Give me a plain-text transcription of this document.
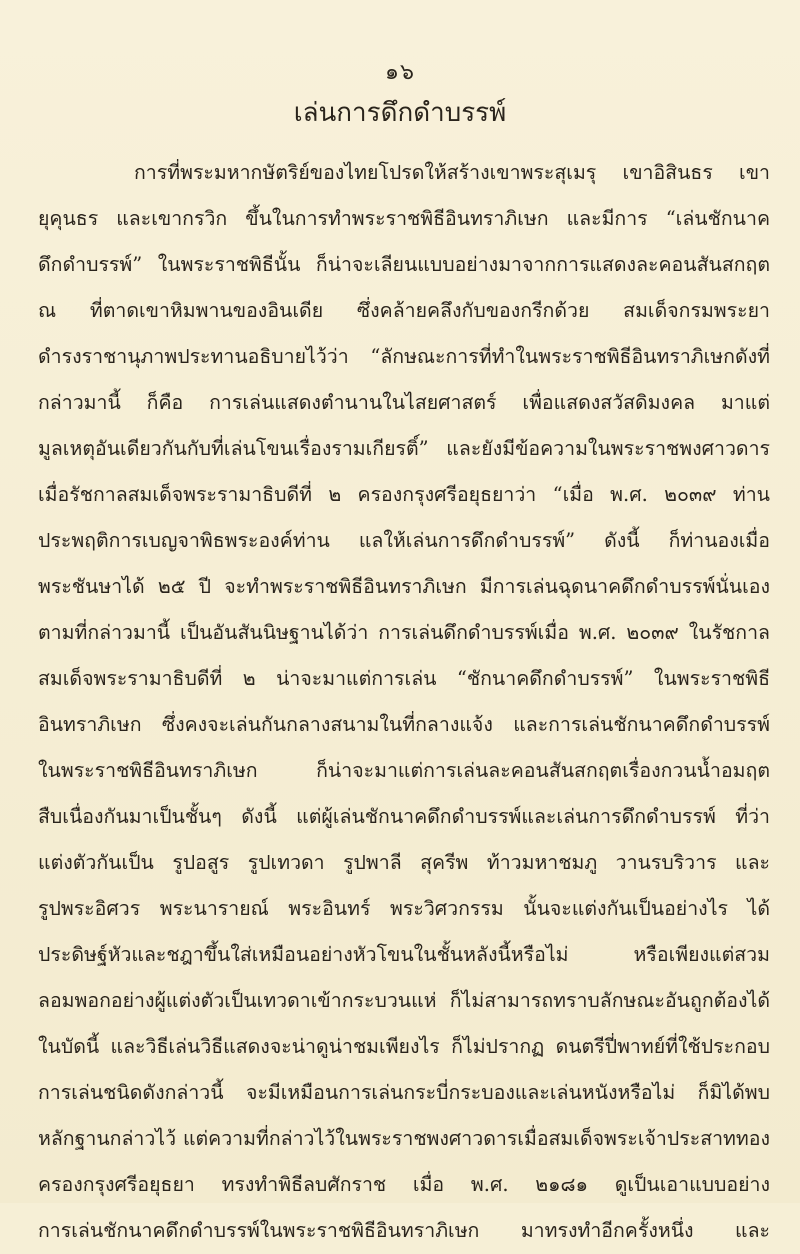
๑๖
เล่นการดึกดำบรรพ์
การที่พระมหากษัตริย์ของไทยโปรดให้สร้างเขาพระสุเมรุ เขาอิสินธร เขา
ยุคุนธร และเขากรวิก ขึ้นในการทำพระราชพิธีอินทราภิเษก และมีการ “เล่นชักนาค
ดึกดำบรรพ์” ในพระราชพิธีนั้น ก็น่าจะเลียนแบบอย่างมาจากการแสดงละคอนสันสกฤต
ณ ที่ตาดเขาหิมพานของอินเดีย ซึ่งคล้ายคลึงกับของกรีกด้วย สมเด็จกรมพระยา
ดำรงราชานุภาพประทานอธิบายไว้ว่า “ลักษณะการที่ทำในพระราชพิธีอินทราภิเษกดังที่
กล่าวมานี้ ก็คือ การเล่นแสดงตำนานในไสยศาสตร์ เพื่อแสดงสวัสดิมงคล มาแต่
มูลเหตุอันเดียวกันกับที่เล่นโขนเรื่องรามเกียรติ์” และยังมีข้อความในพระราชพงศาวดาร
เมื่อรัชกาลสมเด็จพระรามาธิบดีที่ ๒ ครองกรุงศรีอยุธยาว่า “เมื่อ พ.ศ. ๒๐๓๙ ท่าน
ประพฤติการเบญจาพิธพระองค์ท่าน แลให้เล่นการดึกดำบรรพ์” ดังนี้ ก็ท่านองเมื่อ
พระชันษาได้ ๒๕ ปี จะทำพระราชพิธีอินทราภิเษก มีการเล่นฉุดนาคดึกดำบรรพ์นั่นเอง
ตามที่กล่าวมานี้ เป็นอันสันนิษฐานได้ว่า การเล่นดึกดำบรรพ์เมื่อ พ.ศ. ๒๐๓๙ ในรัชกาล
สมเด็จพระรามาธิบดีที่ ๒ น่าจะมาแต่การเล่น “ชักนาคดึกดำบรรพ์” ในพระราชพิธี
อินทราภิเษก ซึ่งคงจะเล่นกันกลางสนามในที่กลางแจ้ง และการเล่นชักนาคดึกดำบรรพ์
ในพระราชพิธีอินทราภิเษก ก็น่าจะมาแต่การเล่นละคอนสันสกฤตเรื่องกวนน้ำอมฤต
สืบเนื่องกันมาเป็นชั้นๆ ดังนี้ แต่ผู้เล่นชักนาคดึกดำบรรพ์และเล่นการดึกดำบรรพ์ ที่ว่า
แต่งตัวกันเป็น รูปอสูร รูปเทวดา รูปพาลี สุครีพ ท้าวมหาชมภู วานรบริวาร และ
รูปพระอิศวร พระนารายณ์ พระอินทร์ พระวิศวกรรม นั้นจะแต่งกันเป็นอย่างไร ได้
ประดิษฐ์หัวและชฎาขึ้นใส่เหมือนอย่างหัวโขนในชั้นหลังนี้หรือไม่ หรือเพียงแต่สวม
ลอมพอกอย่างผู้แต่งตัวเป็นเทวดาเข้ากระบวนแห่ ก็ไม่สามารถทราบลักษณะอันถูกต้องได้
ในบัดนี้ และวิธีเล่นวิธีแสดงจะน่าดูน่าชมเพียงไร ก็ไม่ปรากฏ ดนตรีปี่พาทย์ที่ใช้ประกอบ
การเล่นชนิดดังกล่าวนี้ จะมีเหมือนการเล่นกระบี่กระบองและเล่นหนังหรือไม่ ก็มิได้พบ
หลักฐานกล่าวไว้ แต่ความที่กล่าวไว้ในพระราชพงศาวดารเมื่อสมเด็จพระเจ้าประสาททอง
ครองกรุงศรีอยุธยา ทรงทำพิธีลบศักราช เมื่อ พ.ศ. ๒๑๘๑ ดูเป็นเอาแบบอย่าง
การเล่นชักนาคดึกดำบรรพ์ในพระราชพิธีอินทราภิเษก มาทรงทำอีกครั้งหนึ่ง และ
